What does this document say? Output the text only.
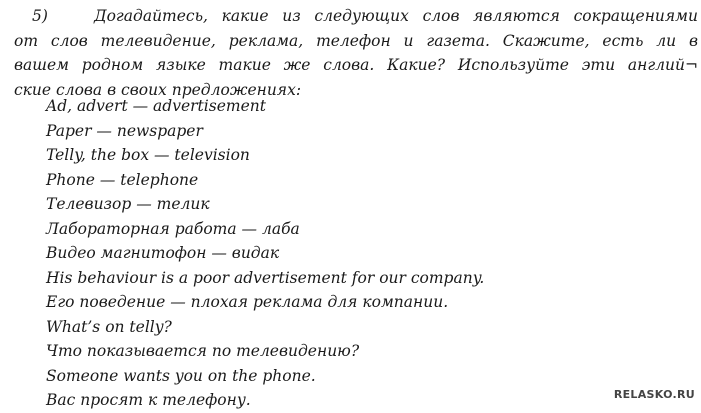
5)	Догадайтесь, какие из следующих слов являются сокращениями
от слов телевидение, реклама, телефон и газета. Скажите, есть ли в
вашем родном языке такие же слова. Какие? Используйте эти англий¬
ские слова в своих предложениях:
Ad, advert — advertisement
Paper — newspaper
Telly, the box — television
Phone — telephone
Телевизор — телик
Лабораторная работа — лаба
Видео магнитофон — видак
His behaviour is a poor advertisement for our company.
Его поведение — плохая реклама для компании.
What’s on telly?
Что показывается по телевидению?
Someone wants you on the phone.
Вас просят к телефону.	RELASKO.RU
